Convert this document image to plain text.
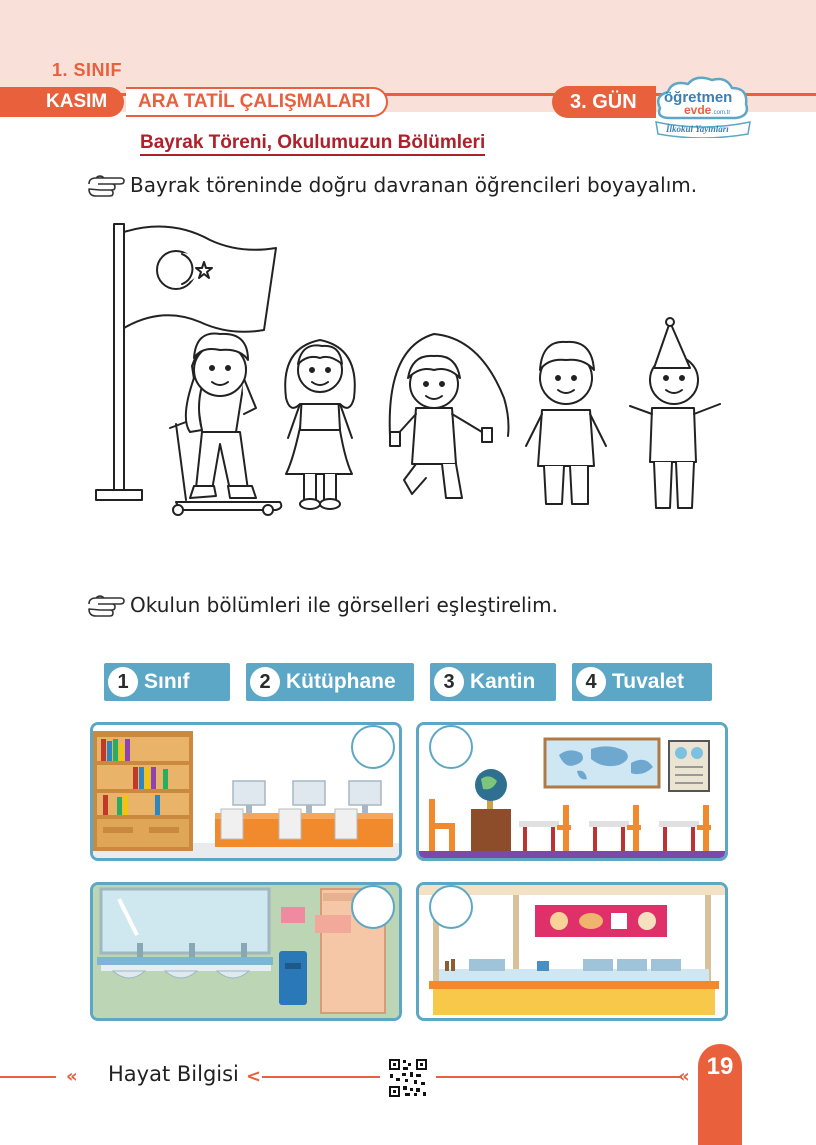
1. SINIF
KASIM	ARA TATİL ÇALIŞMALARI	3. GÜN	öğretmen
evde .com.tr
İlkokul Yayınları
Bayrak Töreni, Okulumuzun Bölümleri
Bayrak töreninde doğru davranan öğrencileri boyayalım.
Okulun bölümleri ile görselleri eşleştirelim.
1 Sınıf	2 Kütüphane	3 Kantin	4 Tuvalet
« Hayat Bilgisi <	« 19
